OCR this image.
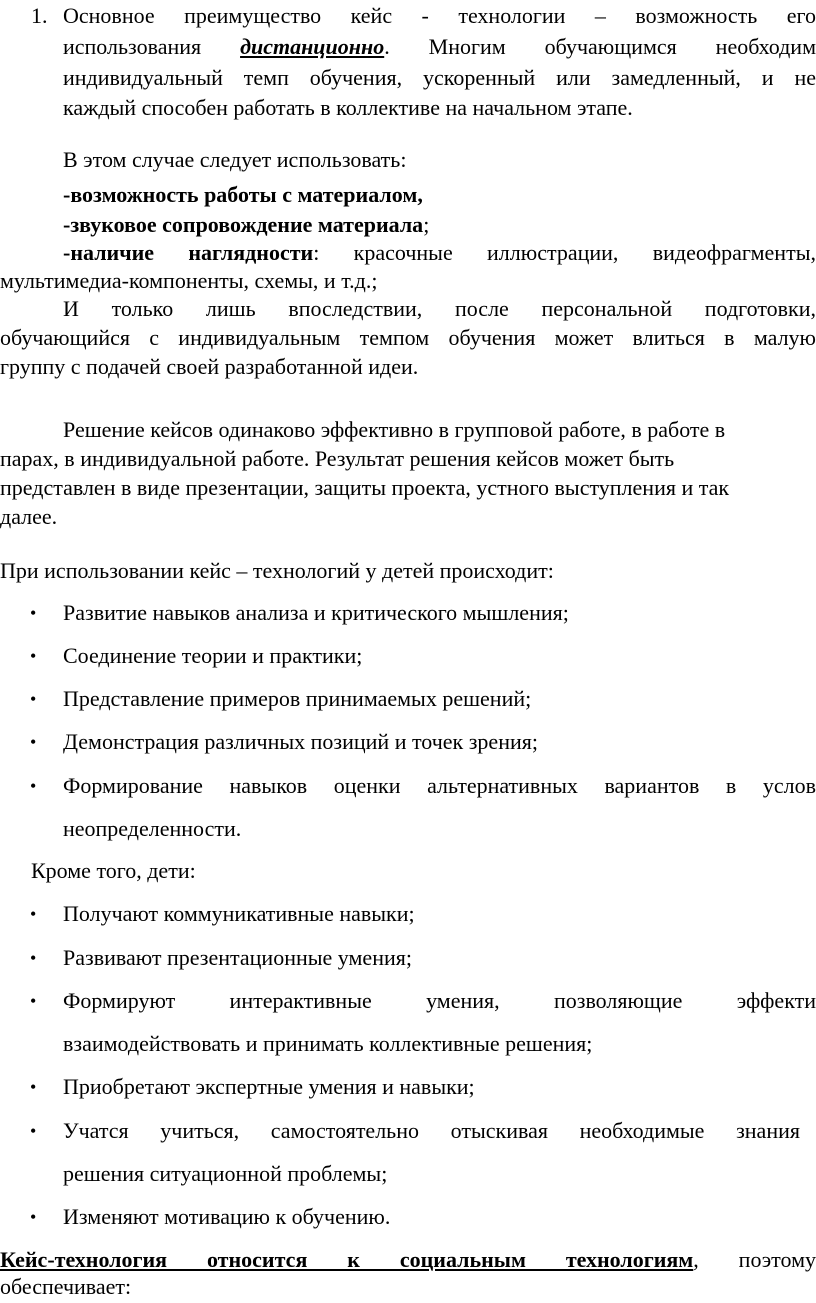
1. Основное преимущество кейс - технологии – возможность его
использования дистанционно. Многим обучающимся необходим
индивидуальный темп обучения, ускоренный или замедленный, и не
каждый способен работать в коллективе на начальном этапе.
В этом случае следует использовать:
-возможность работы с материалом,
-звуковое сопровождение материала;
-наличие наглядности: красочные иллюстрации, видеофрагменты,
мультимедиа-компоненты, схемы, и т.д.;
И только лишь впоследствии, после персональной подготовки,
обучающийся с индивидуальным темпом обучения может влиться в малую
группу с подачей своей разработанной идеи.
Решение кейсов одинаково эффективно в групповой работе, в работе в
парах, в индивидуальной работе. Результат решения кейсов может быть
представлен в виде презентации, защиты проекта, устного выступления и так
далее.
При использовании кейс – технологий у детей происходит:
• Развитие навыков анализа и критического мышления;
• Соединение теории и практики;
• Представление примеров принимаемых решений;
• Демонстрация различных позиций и точек зрения;
• Формирование навыков оценки альтернативных вариантов в услов
неопределенности.
Кроме того, дети:
• Получают коммуникативные навыки;
• Развивают презентационные умения;
• Формируют интерактивные умения, позволяющие эффекти
взаимодействовать и принимать коллективные решения;
• Приобретают экспертные умения и навыки;
• Учатся учиться, самостоятельно отыскивая необходимые знания
решения ситуационной проблемы;
• Изменяют мотивацию к обучению.
Кейс-технология относится к социальным технологиям, поэтому
обеспечивает:
